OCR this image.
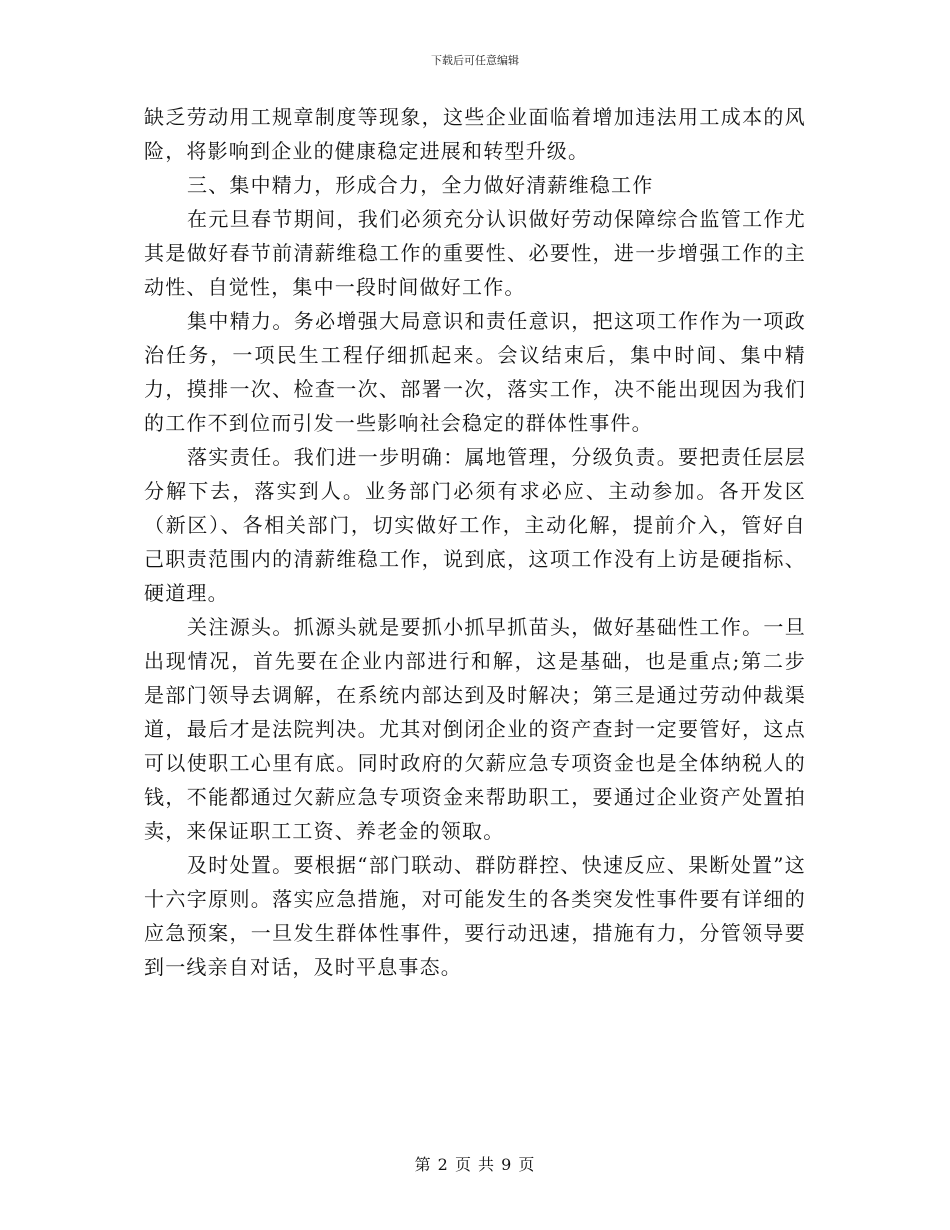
下载后可任意编辑

缺乏劳动用工规章制度等现象，这些企业面临着增加违法用工成本的风险，将影响到企业的健康稳定进展和转型升级。

三、集中精力，形成合力，全力做好清薪维稳工作

在元旦春节期间，我们必须充分认识做好劳动保障综合监管工作尤其是做好春节前清薪维稳工作的重要性、必要性，进一步增强工作的主动性、自觉性，集中一段时间做好工作。

集中精力。务必增强大局意识和责任意识，把这项工作作为一项政治任务，一项民生工程仔细抓起来。会议结束后，集中时间、集中精力，摸排一次、检查一次、部署一次，落实工作，决不能出现因为我们的工作不到位而引发一些影响社会稳定的群体性事件。

落实责任。我们进一步明确：属地管理，分级负责。要把责任层层分解下去，落实到人。业务部门必须有求必应、主动参加。各开发区（新区）、各相关部门，切实做好工作，主动化解，提前介入，管好自己职责范围内的清薪维稳工作，说到底，这项工作没有上访是硬指标、硬道理。

关注源头。抓源头就是要抓小抓早抓苗头，做好基础性工作。一旦出现情况，首先要在企业内部进行和解，这是基础，也是重点;第二步是部门领导去调解，在系统内部达到及时解决；第三是通过劳动仲裁渠道，最后才是法院判决。尤其对倒闭企业的资产查封一定要管好，这点可以使职工心里有底。同时政府的欠薪应急专项资金也是全体纳税人的钱，不能都通过欠薪应急专项资金来帮助职工，要通过企业资产处置拍卖，来保证职工工资、养老金的领取。

及时处置。要根据“部门联动、群防群控、快速反应、果断处置”这十六字原则。落实应急措施，对可能发生的各类突发性事件要有详细的应急预案，一旦发生群体性事件，要行动迅速，措施有力，分管领导要到一线亲自对话，及时平息事态。

第 2 页 共 9 页
